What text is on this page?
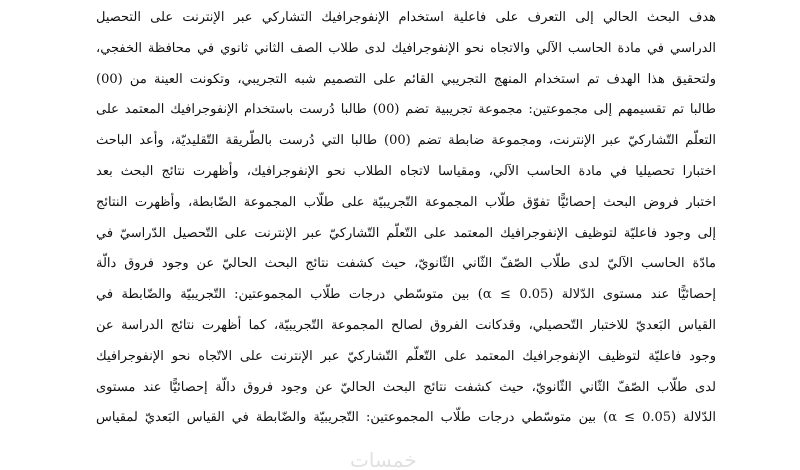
هدف البحث الحالي إلى التعرف على فاعلية استخدام الإنفوجرافيك التشاركي عبر الإنترنت على التحصيل
الدراسي في مادة الحاسب الآلي والاتجاه نحو الإنفوجرافيك لدى طلاب الصف الثاني ثانوي في محافظة الخفجي،
ولتحقيق هذا الهدف تم استخدام المنهج التجريبي القائم على التصميم شبه التجريبي، وتكونت العينة من (00)
طالبا تم تقسيمهم إلى مجموعتين: مجموعة تجريبية تضم (00) طالبا دُرست باستخدام الإنفوجرافيك المعتمد على
التعلّم التّشاركيّ عبر الإنترنت، ومجموعة ضابطة تضم (00) طالبا التي دُرست بالطّريقة التّقليديّة، وأعد الباحث
اختبارا تحصيليا في مادة الحاسب الآلي، ومقياسا لاتجاه الطلاب نحو الإنفوجرافيك، وأظهرت نتائج البحث بعد
اختبار فروض البحث إحصائيًّا تفوّق طلّاب المجموعة التّجريبيّة على طلّاب المجموعة الضّابطة، وأظهرت النتائج
إلى وجود فاعليّة لتوظيف الإنفوجرافيك المعتمد على التّعلّم التّشاركيّ عبر الإنترنت على التّحصيل الدّراسيّ في
مادّة الحاسب الآليّ لدى طلّاب الصّفّ الثّاني الثّانويّ، حيث كشفت نتائج البحث الحاليّ عن وجود فروق دالّة
إحصائيًّا عند مستوى الدّلالة (0.05 ≥ α) بين متوسّطي درجات طلّاب المجموعتين: التّجريبيّة والضّابطة في
القياس البَعديّ للاختبار التّحصيلي، وقدكانت الفروق لصالح المجموعة التّجريبيّة، كما أظهرت نتائج الدراسة عن
وجود فاعليّة لتوظيف الإنفوجرافيك المعتمد على التّعلّم التّشاركيّ عبر الإنترنت على الاتّجاه نحو الإنفوجرافيك
لدى طلّاب الصّفّ الثّاني الثّانويّ، حيث كشفت نتائج البحث الحاليّ عن وجود فروق دالّة إحصائيًّا عند مستوى
الدّلالة (0.05 ≥ α) بين متوسّطي درجات طلّاب المجموعتين: التّجريبيّة والضّابطة في القياس البَعديّ لمقياس
خمسات
